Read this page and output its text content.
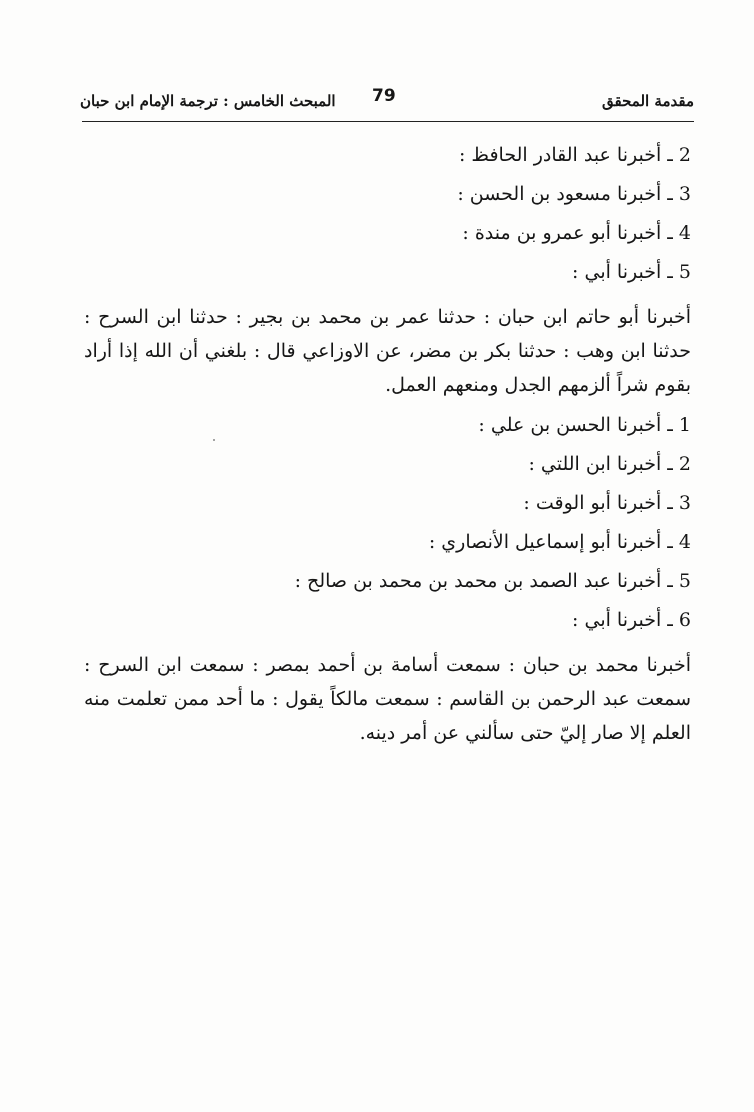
مقدمة المحقق
79
المبحث الخامس : ترجمة الإمام ابن حبان
2 ـ أخبرنا عبد القادر الحافظ :
3 ـ أخبرنا مسعود بن الحسن :
4 ـ أخبرنا أبو عمرو بن مندة :
5 ـ أخبرنا أبي :
أخبرنا أبو حاتم ابن حبان : حدثنا عمر بن محمد بن بجير : حدثنا ابن السرح : حدثنا ابن وهب : حدثنا بكر بن مضر، عن الاوزاعي قال : بلغني أن الله إذا أراد بقوم شراً ألزمهم الجدل ومنعهم العمل.
1 ـ أخبرنا الحسن بن علي :
2 ـ أخبرنا ابن اللتي :
3 ـ أخبرنا أبو الوقت :
4 ـ أخبرنا أبو إسماعيل الأنصاري :
5 ـ أخبرنا عبد الصمد بن محمد بن محمد بن صالح :
6 ـ أخبرنا أبي :
أخبرنا محمد بن حبان : سمعت أسامة بن أحمد بمصر : سمعت ابن السرح : سمعت عبد الرحمن بن القاسم : سمعت مالكاً يقول : ما أحد ممن تعلمت منه العلم إلا صار إليّ حتى سألني عن أمر دينه.
